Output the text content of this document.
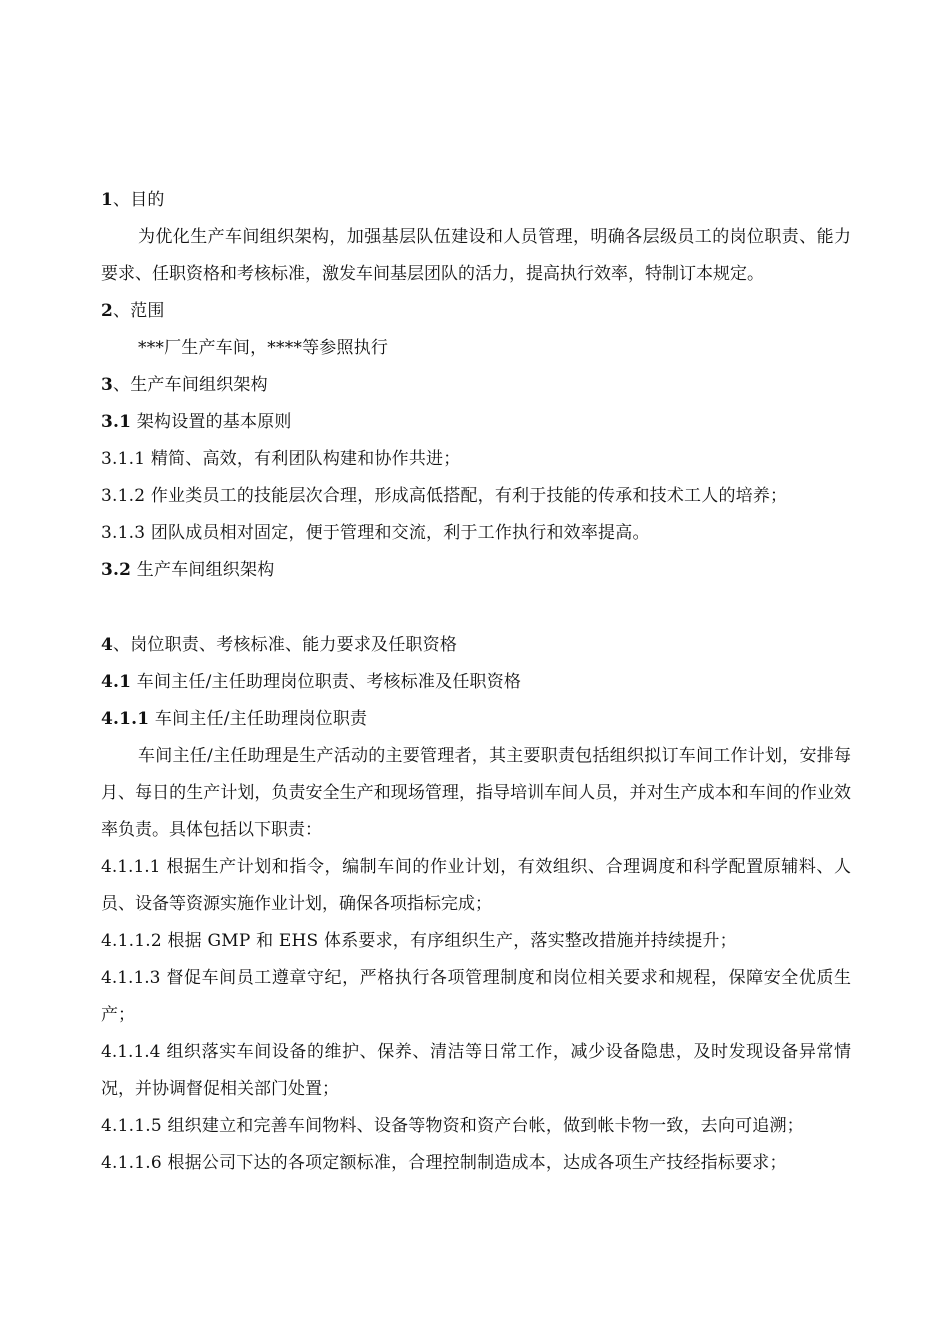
1、目的
为优化生产车间组织架构，加强基层队伍建设和人员管理，明确各层级员工的岗位职责、能力要求、任职资格和考核标准，激发车间基层团队的活力，提高执行效率，特制订本规定。
2、范围
***厂生产车间，****等参照执行
3、生产车间组织架构
3.1 架构设置的基本原则
3.1.1 精简、高效，有利团队构建和协作共进；
3.1.2 作业类员工的技能层次合理，形成高低搭配，有利于技能的传承和技术工人的培养；
3.1.3 团队成员相对固定，便于管理和交流，利于工作执行和效率提高。
3.2 生产车间组织架构
4、岗位职责、考核标准、能力要求及任职资格
4.1 车间主任/主任助理岗位职责、考核标准及任职资格
4.1.1 车间主任/主任助理岗位职责
车间主任/主任助理是生产活动的主要管理者，其主要职责包括组织拟订车间工作计划，安排每月、每日的生产计划，负责安全生产和现场管理，指导培训车间人员，并对生产成本和车间的作业效率负责。具体包括以下职责：
4.1.1.1 根据生产计划和指令，编制车间的作业计划，有效组织、合理调度和科学配置原辅料、人员、设备等资源实施作业计划，确保各项指标完成；
4.1.1.2 根据 GMP 和 EHS 体系要求，有序组织生产，落实整改措施并持续提升；
4.1.1.3 督促车间员工遵章守纪，严格执行各项管理制度和岗位相关要求和规程，保障安全优质生产；
4.1.1.4 组织落实车间设备的维护、保养、清洁等日常工作，减少设备隐患，及时发现设备异常情况，并协调督促相关部门处置；
4.1.1.5 组织建立和完善车间物料、设备等物资和资产台帐，做到帐卡物一致，去向可追溯；
4.1.1.6 根据公司下达的各项定额标准，合理控制制造成本，达成各项生产技经指标要求；
